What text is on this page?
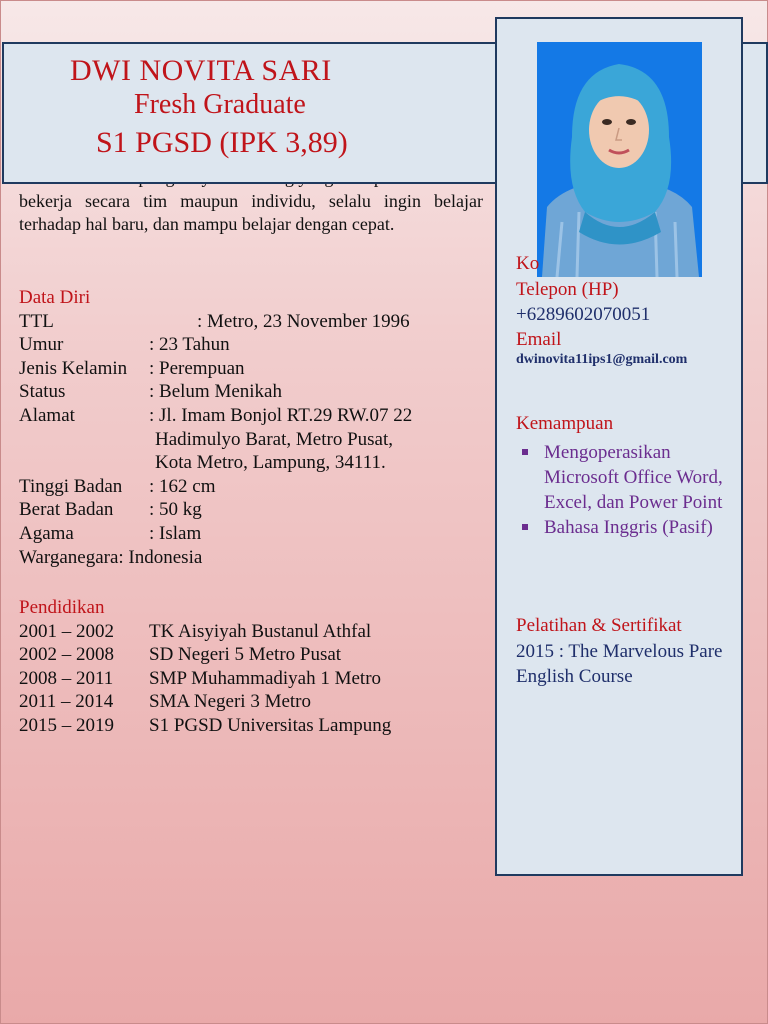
DWI NOVITA SARI
Fresh Graduate
S1 PGSD (IPK 3,89)
bekerja secara tim maupun individu, selalu ingin belajar terhadap hal baru, dan mampu belajar dengan cepat.
Data Diri
TTL	: Metro, 23 November 1996
Umur	: 23 Tahun
Jenis Kelamin	: Perempuan
Status	: Belum Menikah
Alamat	: Jl. Imam Bonjol RT.29 RW.07 22
Hadimulyo Barat, Metro Pusat,
Kota Metro, Lampung, 34111.
Tinggi Badan	: 162 cm
Berat Badan	: 50 kg
Agama	: Islam
Warganegara : Indonesia
Pendidikan
2001 – 2002	TK Aisyiyah Bustanul Athfal
2002 – 2008	SD Negeri 5 Metro Pusat
2008 – 2011	SMP Muhammadiyah 1 Metro
2011 – 2014	SMA Negeri 3 Metro
2015 – 2019	S1 PGSD Universitas Lampung
Ko
Telepon (HP)
+6289602070051
Email
dwinovita11ips1@gmail.com
Kemampuan
Mengoperasikan Microsoft Office Word, Excel, dan Power Point
Bahasa Inggris (Pasif)
Pelatihan & Sertifikat
2015 : The Marvelous Pare English Course
